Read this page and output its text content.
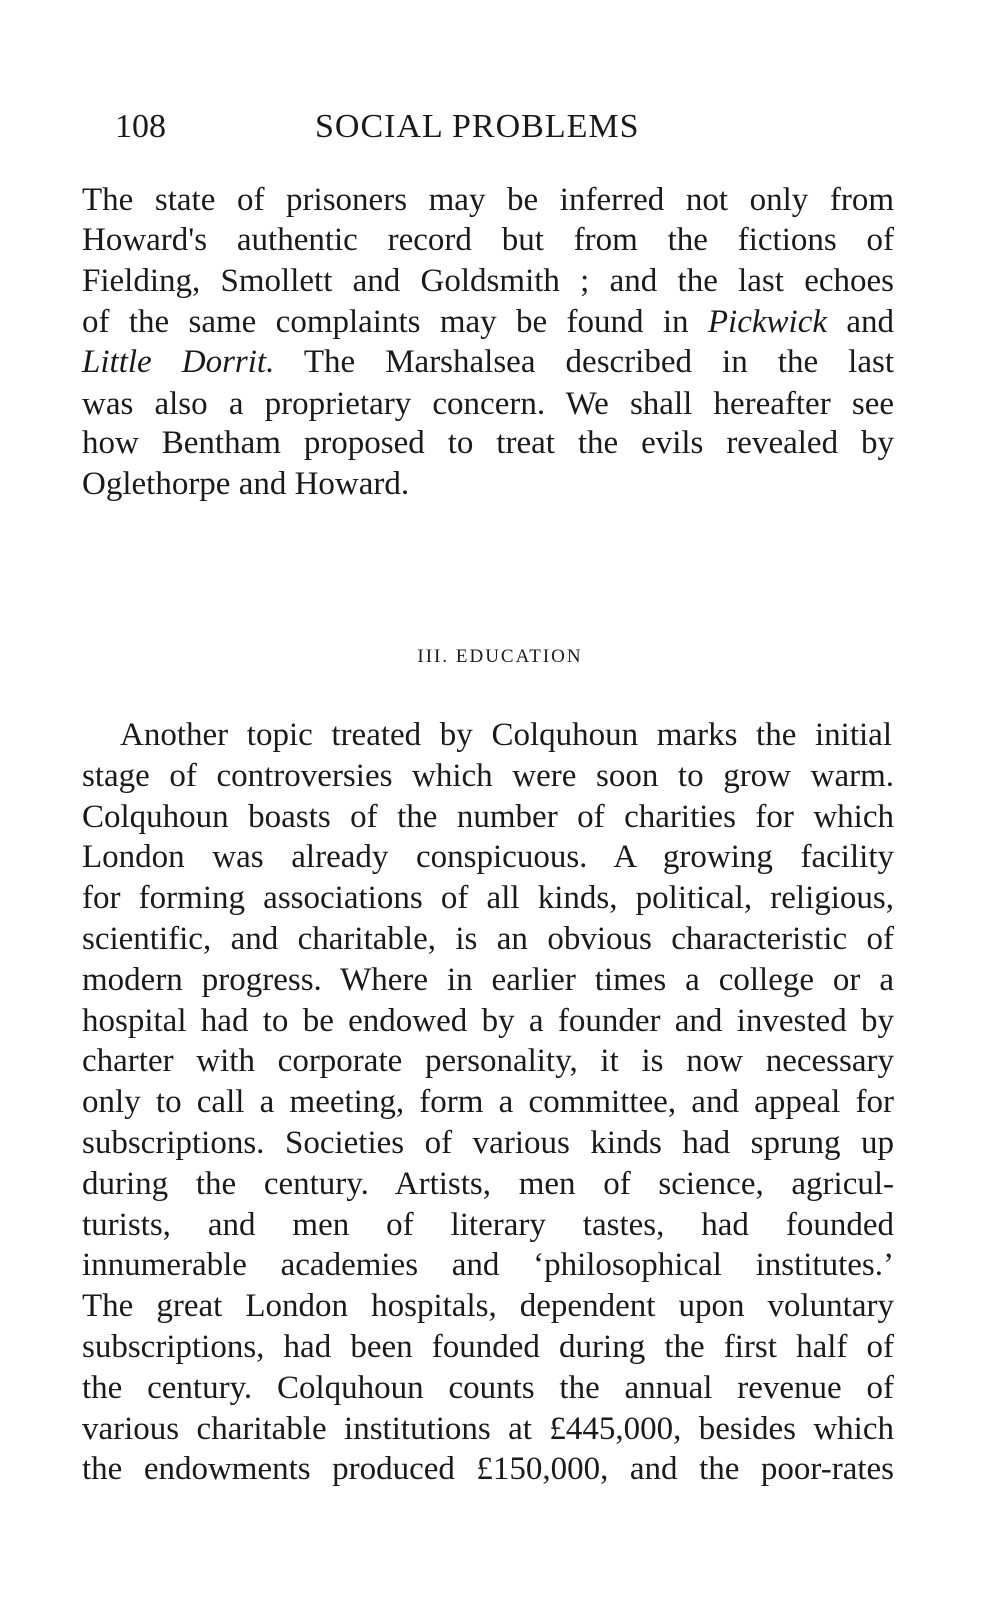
108	SOCIAL PROBLEMS
The state of prisoners may be inferred not only from
Howard's authentic record but from the fictions of
Fielding, Smollett and Goldsmith ; and the last echoes
of the same complaints may be found in Pickwick and
Little Dorrit. The Marshalsea described in the last
was also a proprietary concern. We shall hereafter see
how Bentham proposed to treat the evils revealed by
Oglethorpe and Howard.
III. EDUCATION
Another topic treated by Colquhoun marks the initial
stage of controversies which were soon to grow warm.
Colquhoun boasts of the number of charities for which
London was already conspicuous. A growing facility
for forming associations of all kinds, political, religious,
scientific, and charitable, is an obvious characteristic of
modern progress. Where in earlier times a college or a
hospital had to be endowed by a founder and invested by
charter with corporate personality, it is now necessary
only to call a meeting, form a committee, and appeal for
subscriptions. Societies of various kinds had sprung up
during the century. Artists, men of science, agricul-
turists, and men of literary tastes, had founded
innumerable academies and ‘philosophical institutes.’
The great London hospitals, dependent upon voluntary
subscriptions, had been founded during the first half of
the century. Colquhoun counts the annual revenue of
various charitable institutions at £445,000, besides which
the endowments produced £150,000, and the poor-rates
